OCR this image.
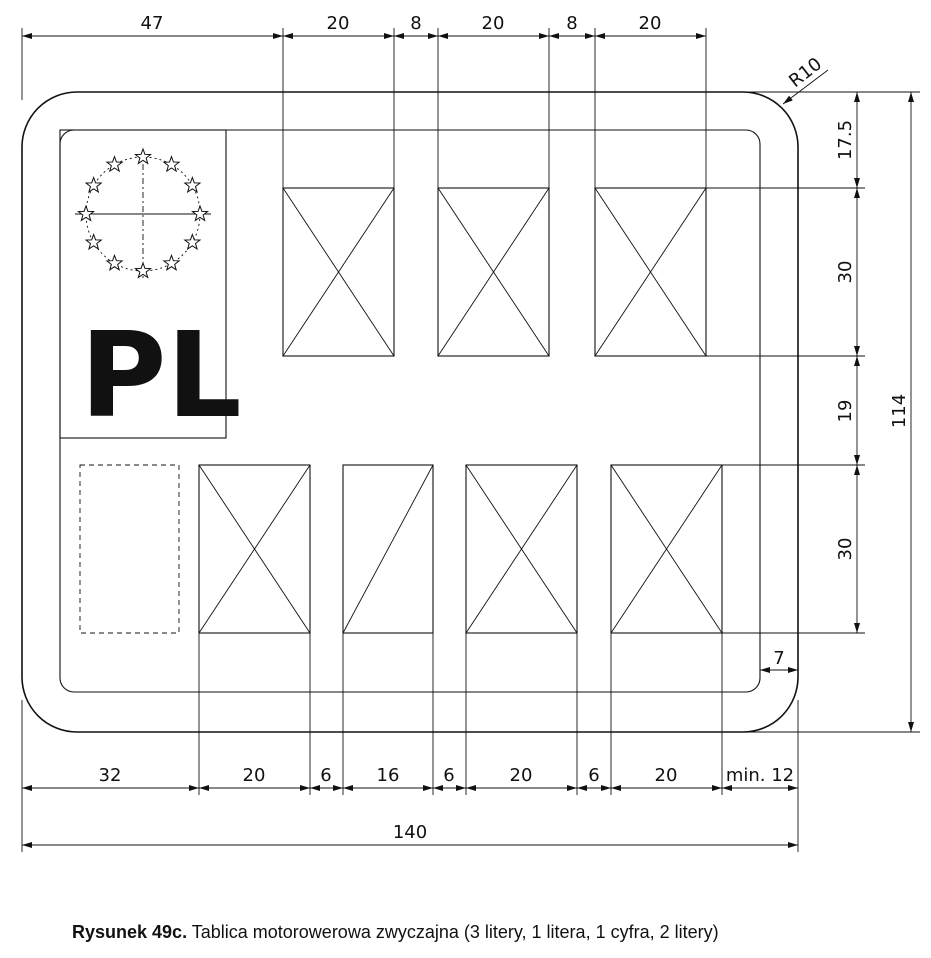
PL
47	20	8	20	8	20
R10
17.5
30
19
30
114
7
32	20	6 16 6	20	6	20	min. 12
140
Rysunek 49c. Tablica motorowerowa zwyczajna (3 litery, 1 litera, 1 cyfra, 2 litery)
